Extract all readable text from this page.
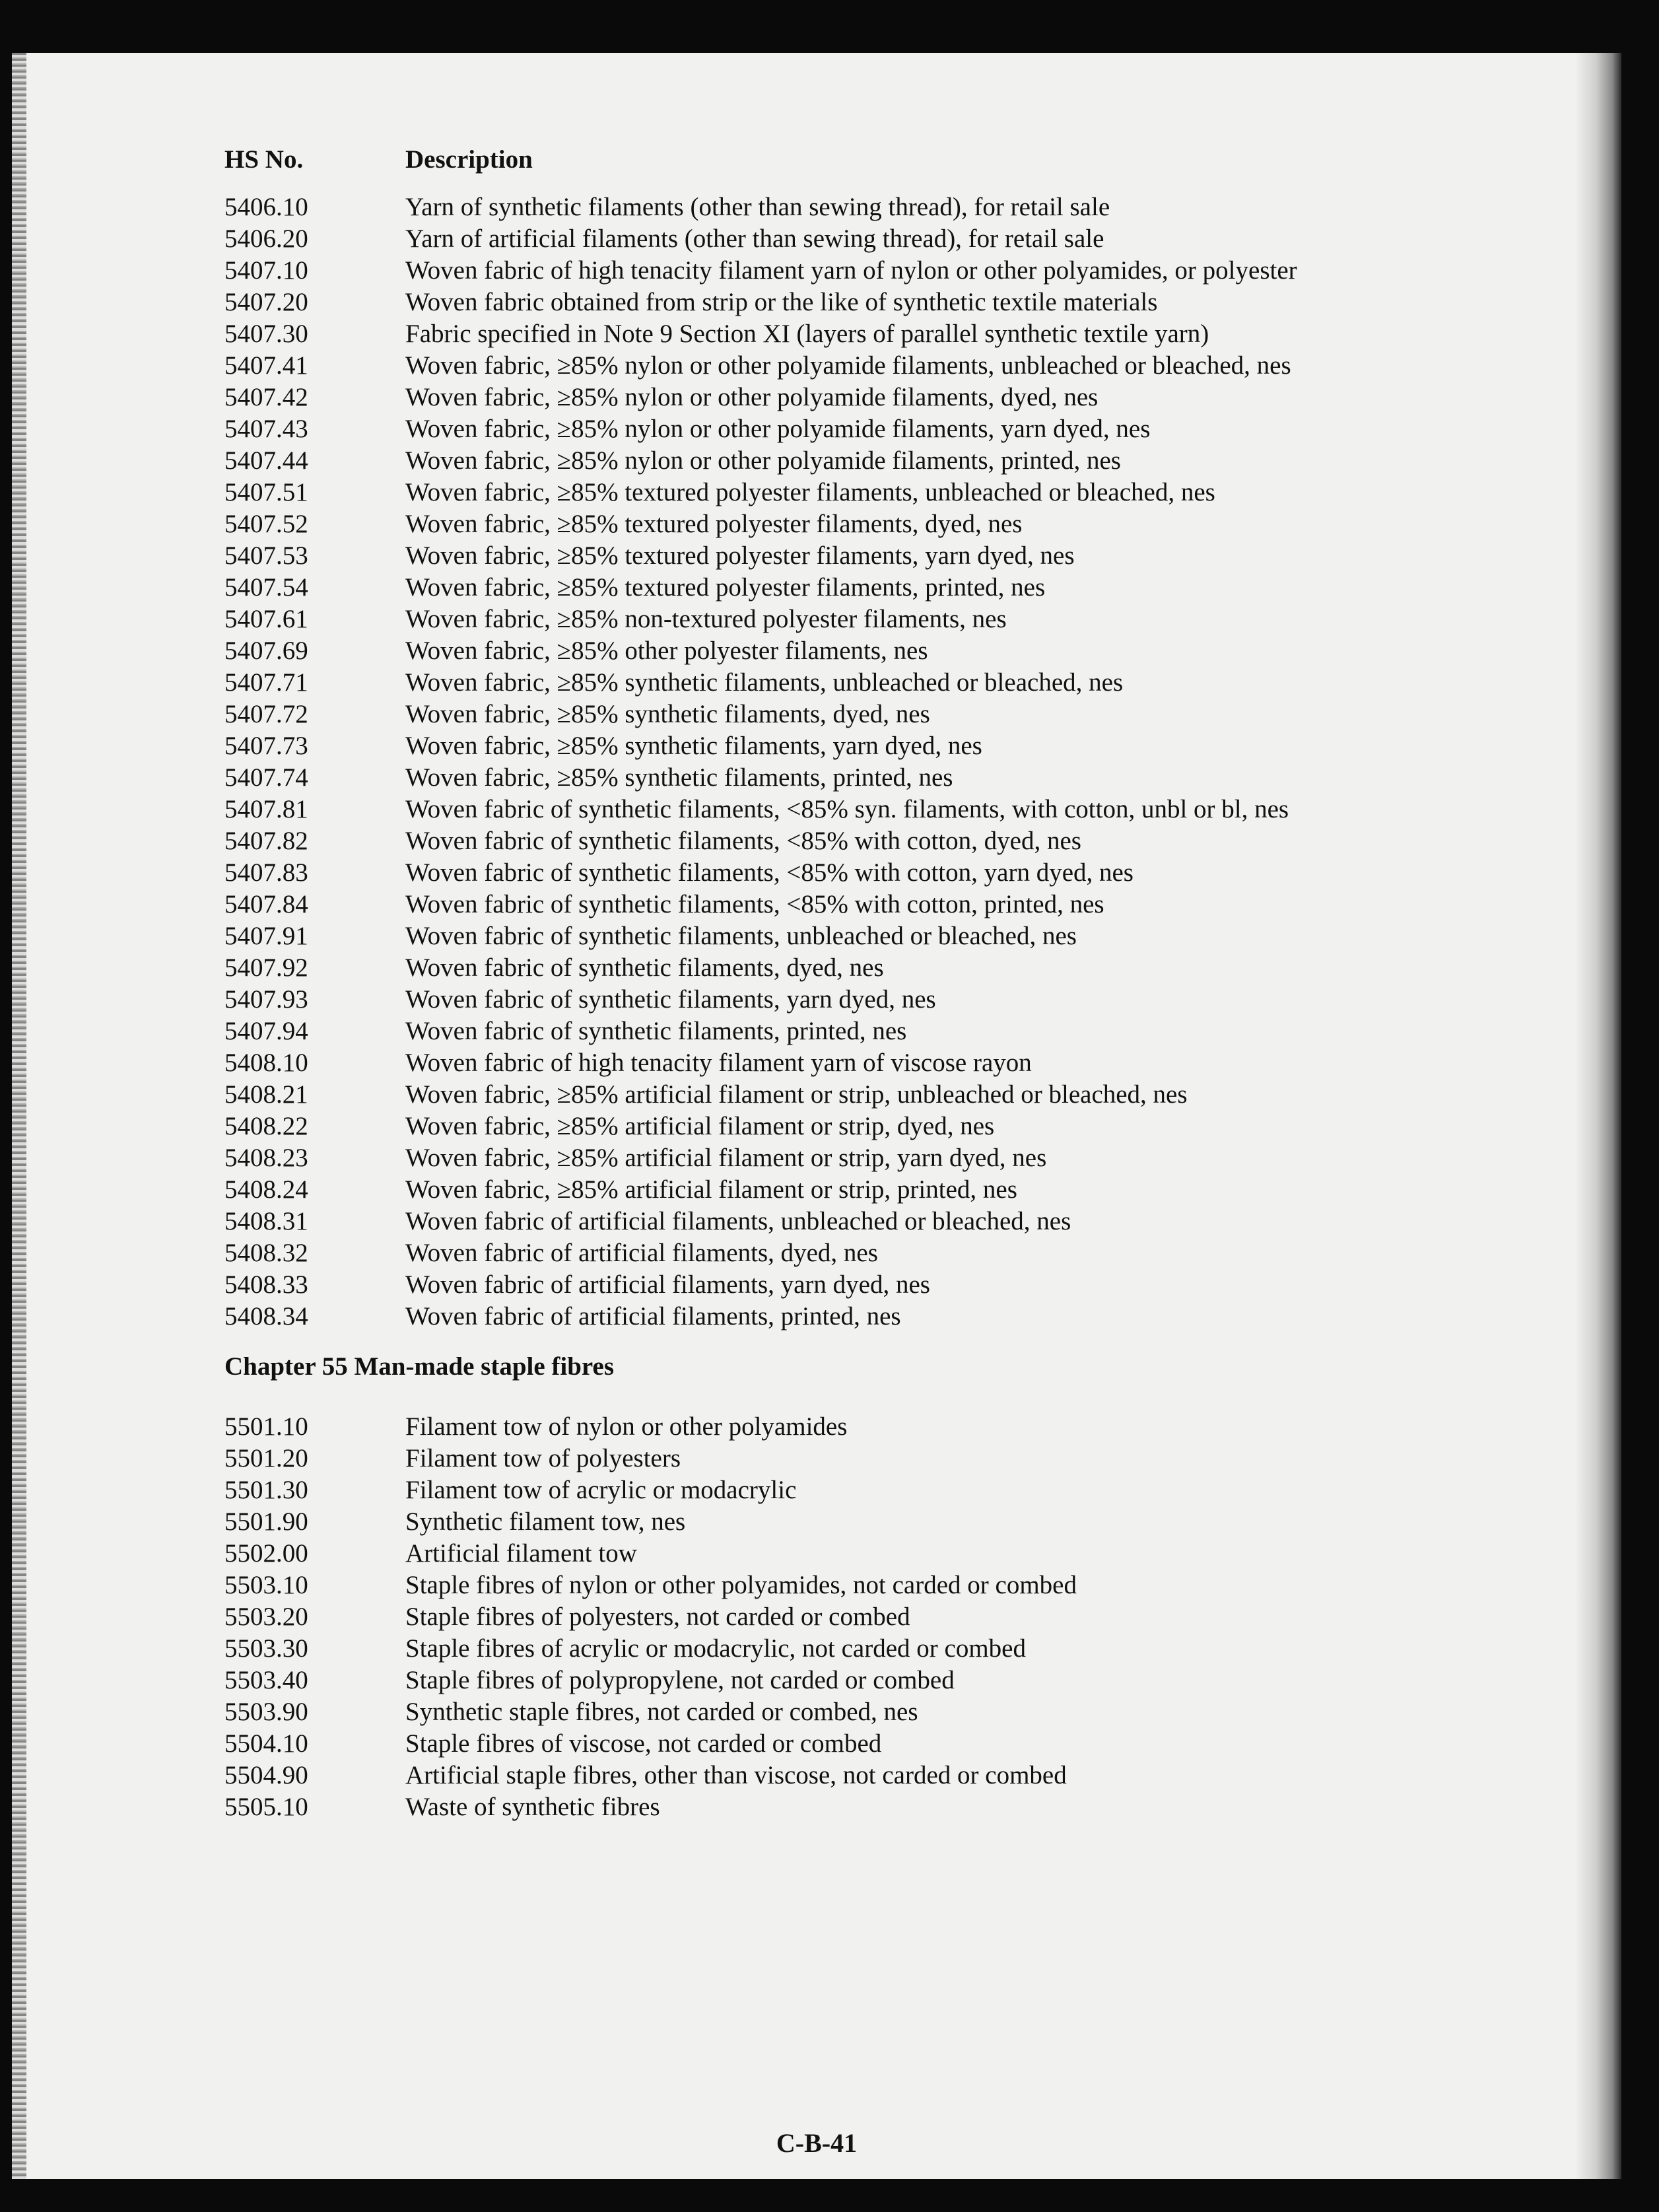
HS No.	Description
5406.10	Yarn of synthetic filaments (other than sewing thread), for retail sale
5406.20	Yarn of artificial filaments (other than sewing thread), for retail sale
5407.10	Woven fabric of high tenacity filament yarn of nylon or other polyamides, or polyester
5407.20	Woven fabric obtained from strip or the like of synthetic textile materials
5407.30	Fabric specified in Note 9 Section XI (layers of parallel synthetic textile yarn)
5407.41	Woven fabric, ≥85% nylon or other polyamide filaments, unbleached or bleached, nes
5407.42	Woven fabric, ≥85% nylon or other polyamide filaments, dyed, nes
5407.43	Woven fabric, ≥85% nylon or other polyamide filaments, yarn dyed, nes
5407.44	Woven fabric, ≥85% nylon or other polyamide filaments, printed, nes
5407.51	Woven fabric, ≥85% textured polyester filaments, unbleached or bleached, nes
5407.52	Woven fabric, ≥85% textured polyester filaments, dyed, nes
5407.53	Woven fabric, ≥85% textured polyester filaments, yarn dyed, nes
5407.54	Woven fabric, ≥85% textured polyester filaments, printed, nes
5407.61	Woven fabric, ≥85% non-textured polyester filaments, nes
5407.69	Woven fabric, ≥85% other polyester filaments, nes
5407.71	Woven fabric, ≥85% synthetic filaments, unbleached or bleached, nes
5407.72	Woven fabric, ≥85% synthetic filaments, dyed, nes
5407.73	Woven fabric, ≥85% synthetic filaments, yarn dyed, nes
5407.74	Woven fabric, ≥85% synthetic filaments, printed, nes
5407.81	Woven fabric of synthetic filaments, <85% syn. filaments, with cotton, unbl or bl, nes
5407.82	Woven fabric of synthetic filaments, <85% with cotton, dyed, nes
5407.83	Woven fabric of synthetic filaments, <85% with cotton, yarn dyed, nes
5407.84	Woven fabric of synthetic filaments, <85% with cotton, printed, nes
5407.91	Woven fabric of synthetic filaments, unbleached or bleached, nes
5407.92	Woven fabric of synthetic filaments, dyed, nes
5407.93	Woven fabric of synthetic filaments, yarn dyed, nes
5407.94	Woven fabric of synthetic filaments, printed, nes
5408.10	Woven fabric of high tenacity filament yarn of viscose rayon
5408.21	Woven fabric, ≥85% artificial filament or strip, unbleached or bleached, nes
5408.22	Woven fabric, ≥85% artificial filament or strip, dyed, nes
5408.23	Woven fabric, ≥85% artificial filament or strip, yarn dyed, nes
5408.24	Woven fabric, ≥85% artificial filament or strip, printed, nes
5408.31	Woven fabric of artificial filaments, unbleached or bleached, nes
5408.32	Woven fabric of artificial filaments, dyed, nes
5408.33	Woven fabric of artificial filaments, yarn dyed, nes
5408.34	Woven fabric of artificial filaments, printed, nes
Chapter 55 Man-made staple fibres
5501.10	Filament tow of nylon or other polyamides
5501.20	Filament tow of polyesters
5501.30	Filament tow of acrylic or modacrylic
5501.90	Synthetic filament tow, nes
5502.00	Artificial filament tow
5503.10	Staple fibres of nylon or other polyamides, not carded or combed
5503.20	Staple fibres of polyesters, not carded or combed
5503.30	Staple fibres of acrylic or modacrylic, not carded or combed
5503.40	Staple fibres of polypropylene, not carded or combed
5503.90	Synthetic staple fibres, not carded or combed, nes
5504.10	Staple fibres of viscose, not carded or combed
5504.90	Artificial staple fibres, other than viscose, not carded or combed
5505.10	Waste of synthetic fibres
C-B-41
